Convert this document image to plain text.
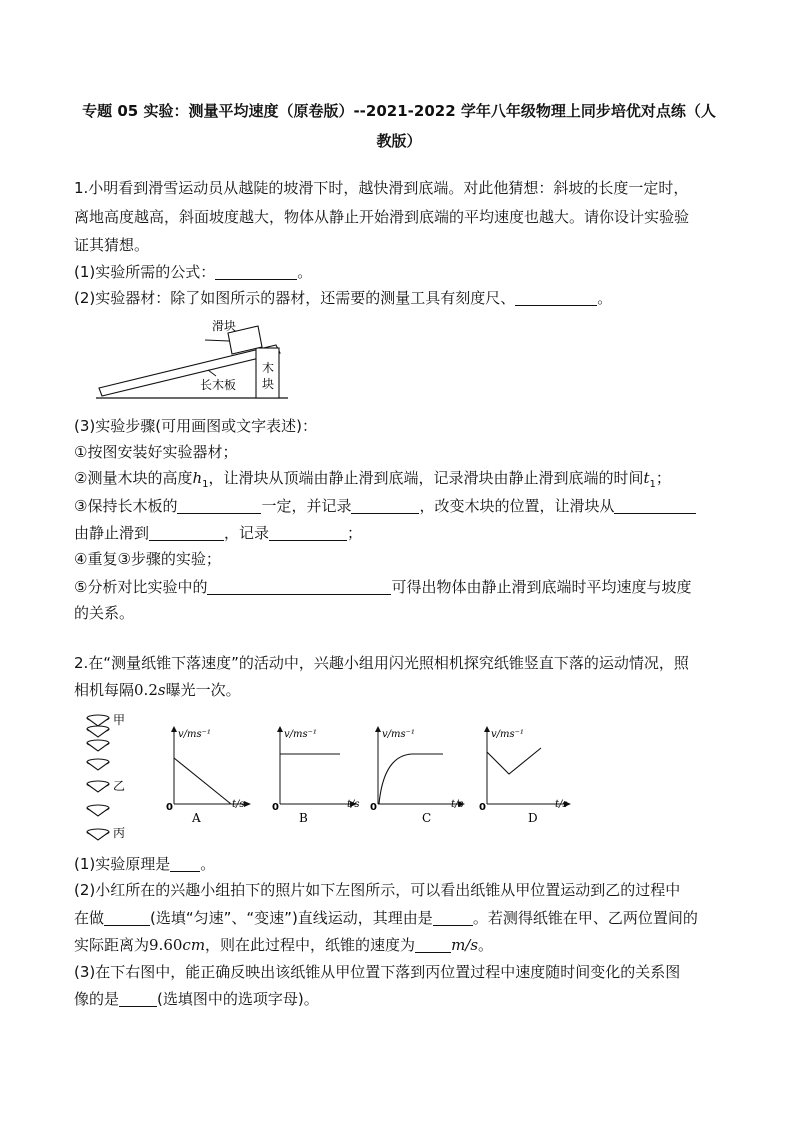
专题 05 实验：测量平均速度（原卷版）--2021-2022 学年八年级物理上同步培优对点练（人
教版）
1.小明看到滑雪运动员从越陡的坡滑下时，越快滑到底端。对此他猜想：斜坡的长度一定时，
离地高度越高，斜面坡度越大，物体从静止开始滑到底端的平均速度也越大。请你设计实验验
证其猜想。
(1)实验所需的公式：	。
(2)实验器材：除了如图所示的器材，还需要的测量工具有刻度尺、	。
滑块
长木板
木
块
(3)实验步骤(可用画图或文字表述)：
①按图安装好实验器材；
②测量木块的高度$h_1$，让滑块从顶端由静止滑到底端，记录滑块由静止滑到底端的时间$t_1$；
③保持长木板的	一定，并记录	，改变木块的位置，让滑块从
由静止滑到	，记录	；
④重复③步骤的实验；
⑤分析对比实验中的	可得出物体由静止滑到底端时平均速度与坡度
的关系。
2.在“测量纸锥下落速度”的活动中，兴趣小组用闪光照相机探究纸锥竖直下落的运动情况，照
相机每隔0.2s曝光一次。
甲
乙
丙
v/ms⁻¹
t/s
0
A
v/ms⁻¹
t/s
0
B
v/ms⁻¹
t/s
0
C
v/ms⁻¹
t/s
0
D
(1)实验原理是 。
(2)小红所在的兴趣小组拍下的照片如下左图所示，可以看出纸锥从甲位置运动到乙的过程中
在做	(选填“匀速”、“变速”)直线运动，其理由是	。若测得纸锥在甲、乙两位置间的
实际距离为9.60cm，则在此过程中，纸锥的速度为 m/s。
(3)在下右图中，能正确反映出该纸锥从甲位置下落到丙位置过程中速度随时间变化的关系图
像的是	(选填图中的选项字母)。
